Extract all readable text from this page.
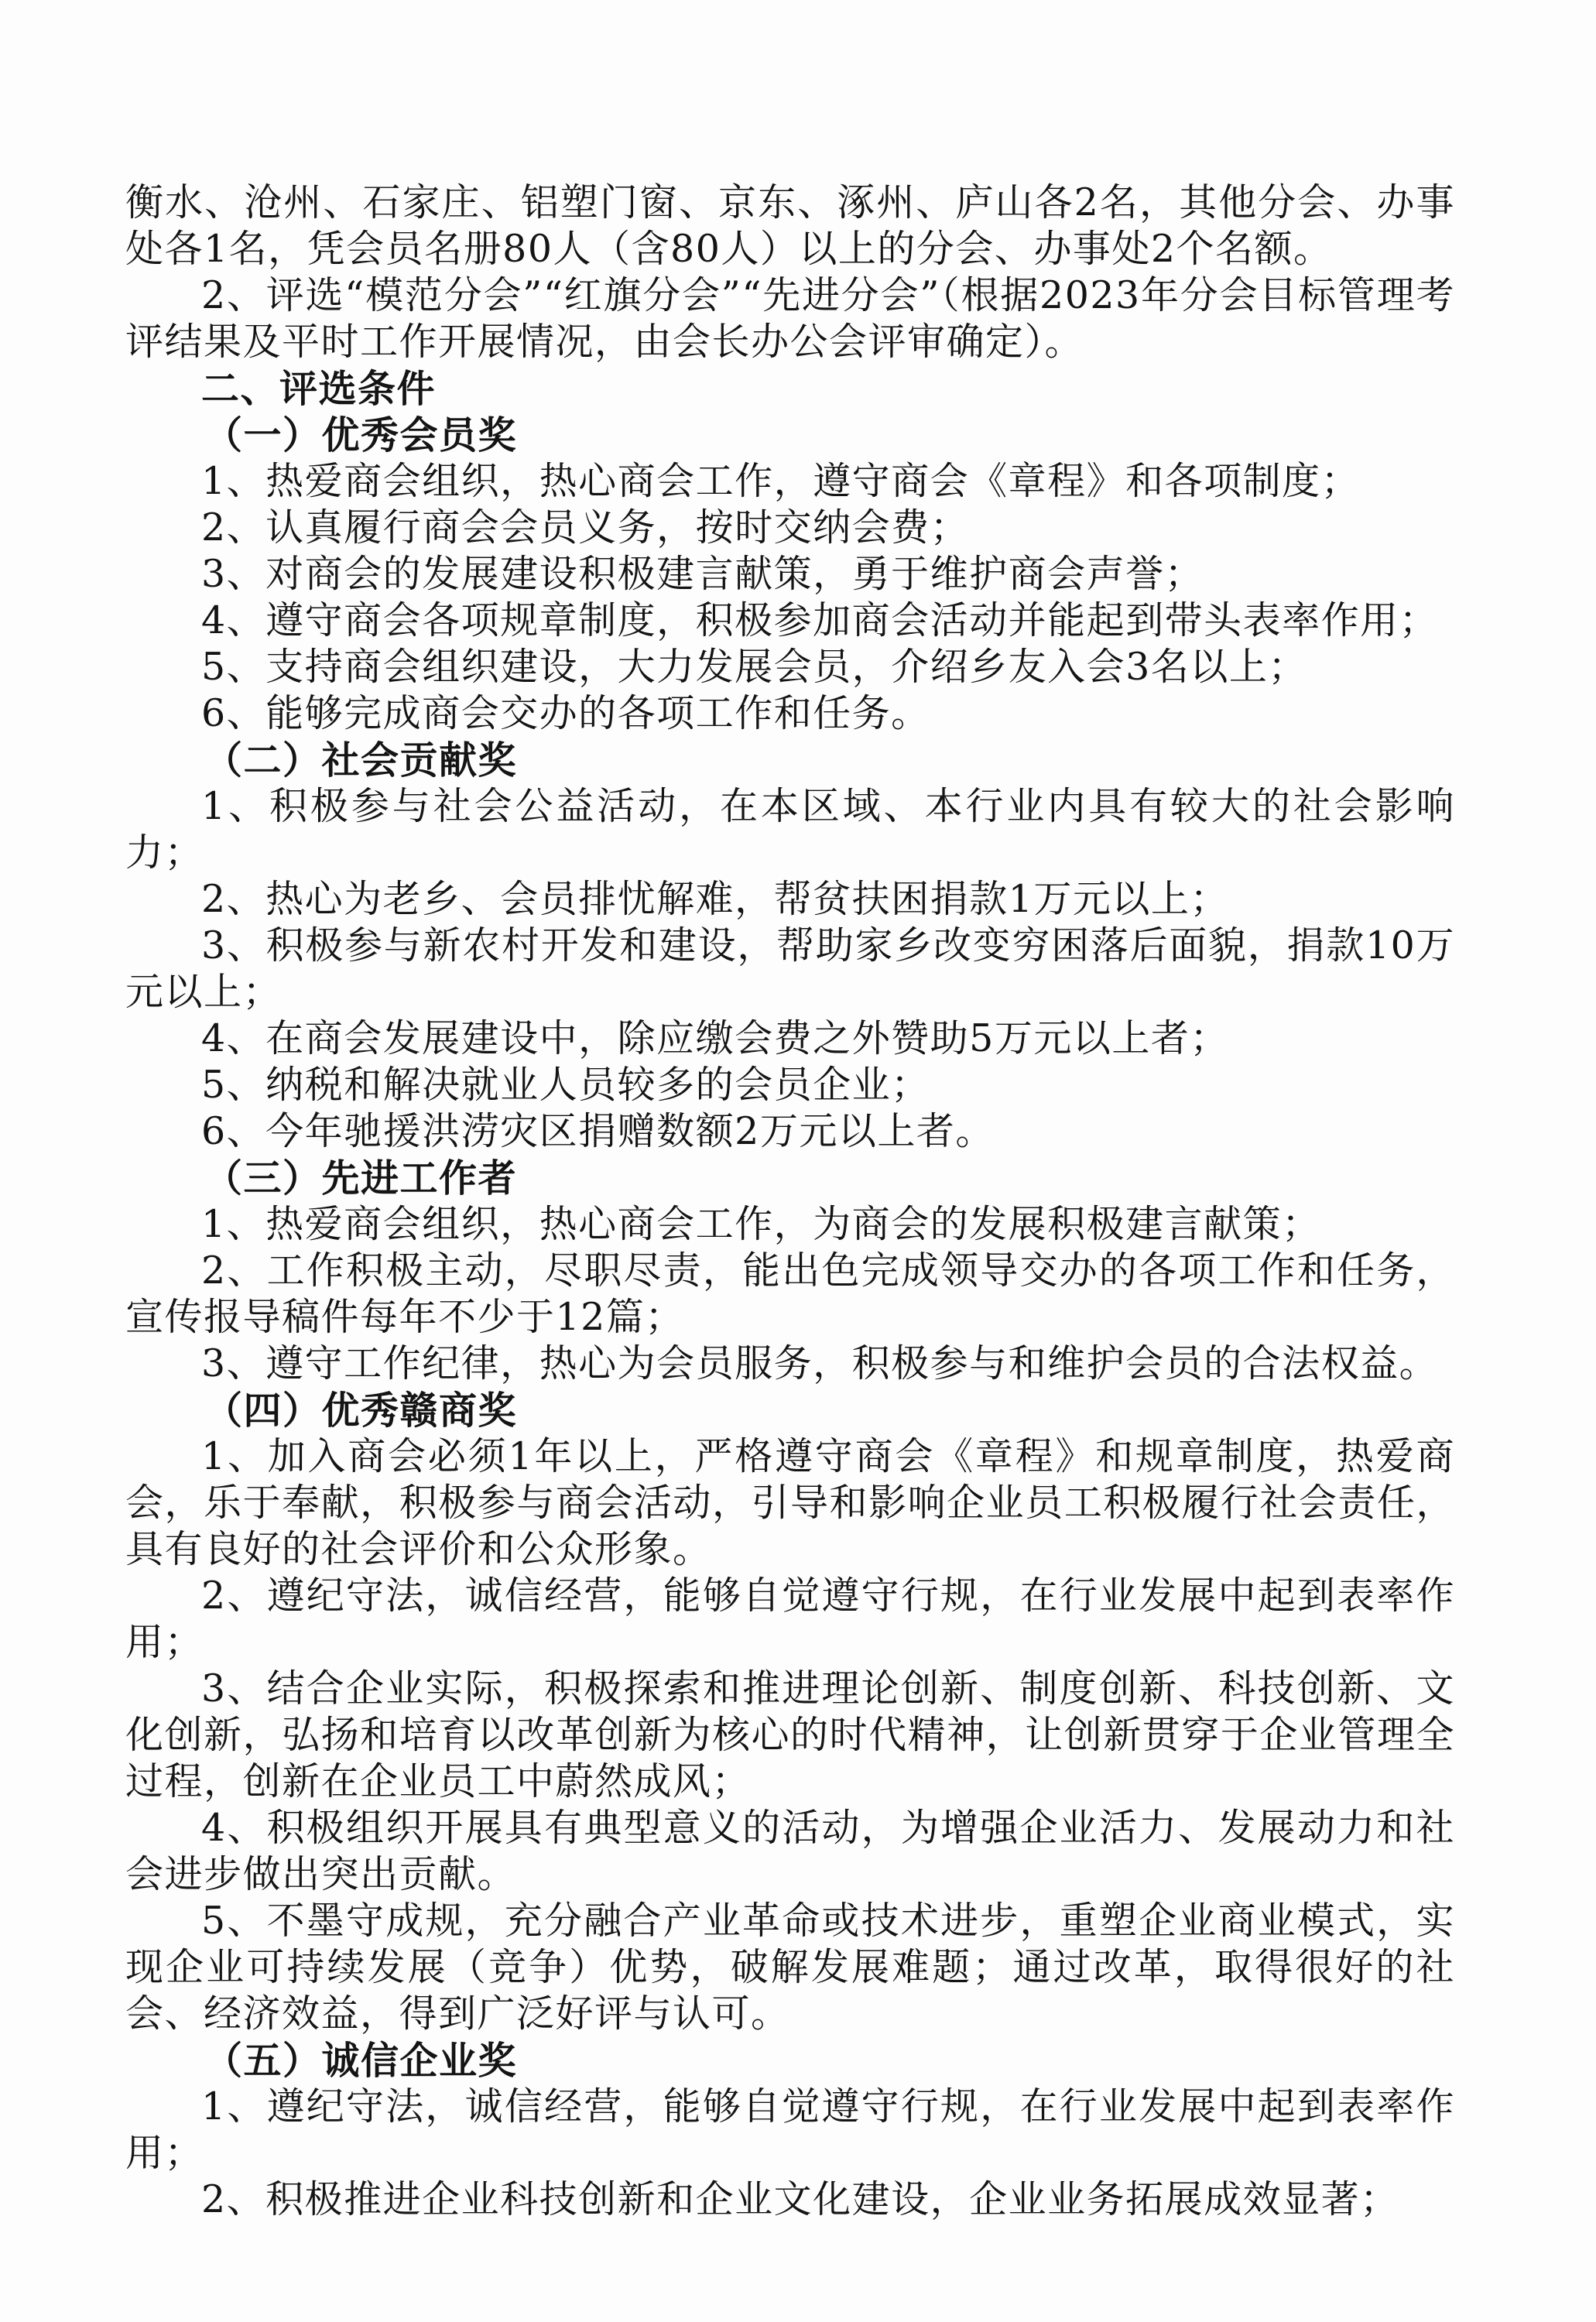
衡水、沧州、石家庄、铝塑门窗、京东、涿州、庐山各2名，其他分会、办事处各1名，凭会员名册80人（含80人）以上的分会、办事处2个名额。

2、评选“模范分会”“红旗分会”“先进分会”（根据2023年分会目标管理考评结果及平时工作开展情况，由会长办公会评审确定）。

二、评选条件

（一）优秀会员奖

1、热爱商会组织，热心商会工作，遵守商会《章程》和各项制度；

2、认真履行商会会员义务，按时交纳会费；

3、对商会的发展建设积极建言献策，勇于维护商会声誉；

4、遵守商会各项规章制度，积极参加商会活动并能起到带头表率作用；

5、支持商会组织建设，大力发展会员，介绍乡友入会3名以上；

6、能够完成商会交办的各项工作和任务。

（二）社会贡献奖

1、积极参与社会公益活动，在本区域、本行业内具有较大的社会影响力；

2、热心为老乡、会员排忧解难，帮贫扶困捐款1万元以上；

3、积极参与新农村开发和建设，帮助家乡改变穷困落后面貌，捐款10万元以上；

4、在商会发展建设中，除应缴会费之外赞助5万元以上者；

5、纳税和解决就业人员较多的会员企业；

6、今年驰援洪涝灾区捐赠数额2万元以上者。

（三）先进工作者

1、热爱商会组织，热心商会工作，为商会的发展积极建言献策；

2、工作积极主动，尽职尽责，能出色完成领导交办的各项工作和任务，宣传报导稿件每年不少于12篇；

3、遵守工作纪律，热心为会员服务，积极参与和维护会员的合法权益。

（四）优秀赣商奖

1、加入商会必须1年以上，严格遵守商会《章程》和规章制度，热爱商会，乐于奉献，积极参与商会活动，引导和影响企业员工积极履行社会责任，具有良好的社会评价和公众形象。

2、遵纪守法，诚信经营，能够自觉遵守行规，在行业发展中起到表率作用；

3、结合企业实际，积极探索和推进理论创新、制度创新、科技创新、文化创新，弘扬和培育以改革创新为核心的时代精神，让创新贯穿于企业管理全过程，创新在企业员工中蔚然成风；

4、积极组织开展具有典型意义的活动，为增强企业活力、发展动力和社会进步做出突出贡献。

5、不墨守成规，充分融合产业革命或技术进步，重塑企业商业模式，实现企业可持续发展（竞争）优势，破解发展难题；通过改革，取得很好的社会、经济效益，得到广泛好评与认可。

（五）诚信企业奖

1、遵纪守法，诚信经营，能够自觉遵守行规，在行业发展中起到表率作用；

2、积极推进企业科技创新和企业文化建设，企业业务拓展成效显著；
